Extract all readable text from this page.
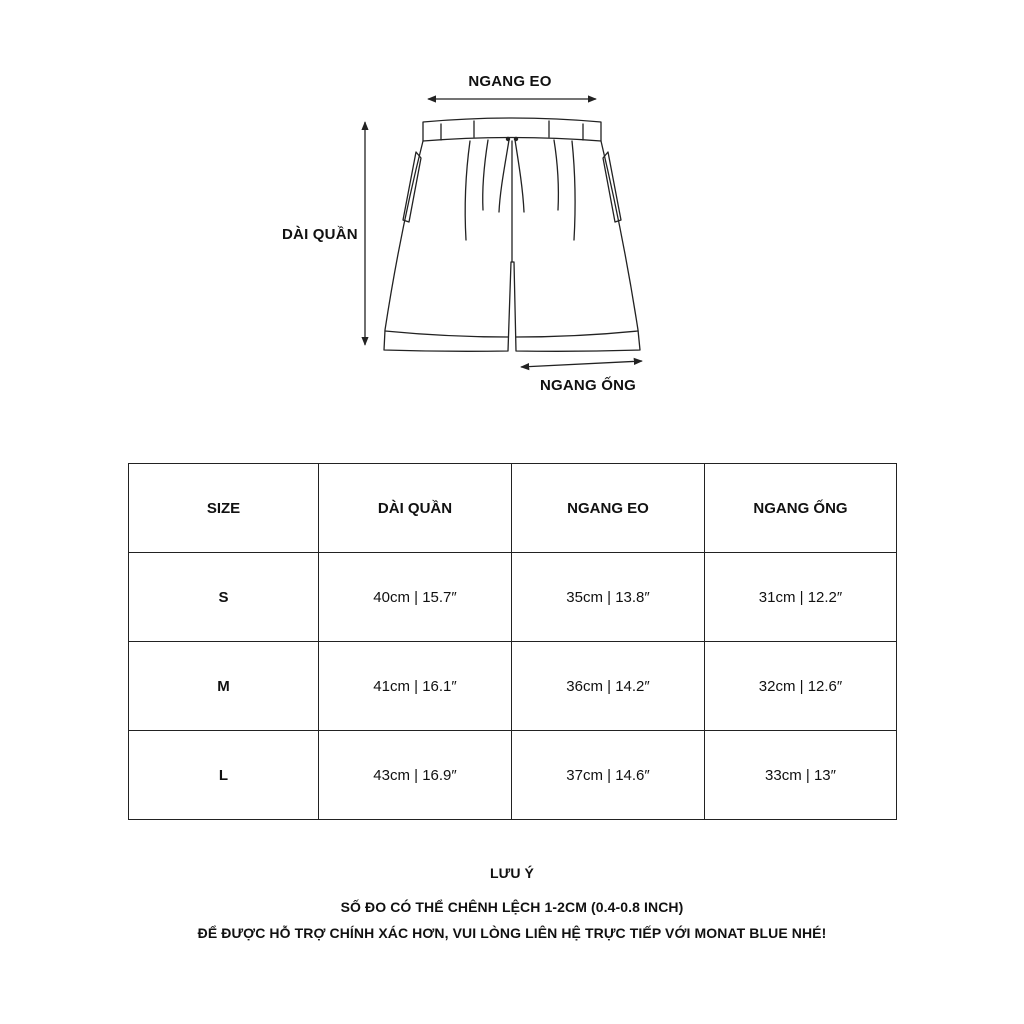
NGANG EO
DÀI QUẦN
NGANG ỐNG
SIZE	DÀI QUẦN	NGANG EO	NGANG ỐNG
S	40cm | 15.7″	35cm | 13.8″	31cm | 12.2″
M	41cm | 16.1″	36cm | 14.2″	32cm | 12.6″
L	43cm | 16.9″	37cm | 14.6″	33cm | 13″
LƯU Ý
SỐ ĐO CÓ THỂ CHÊNH LỆCH 1-2CM (0.4-0.8 INCH)
ĐỂ ĐƯỢC HỖ TRỢ CHÍNH XÁC HƠN, VUI LÒNG LIÊN HỆ TRỰC TIẾP VỚI MONAT BLUE NHÉ!
